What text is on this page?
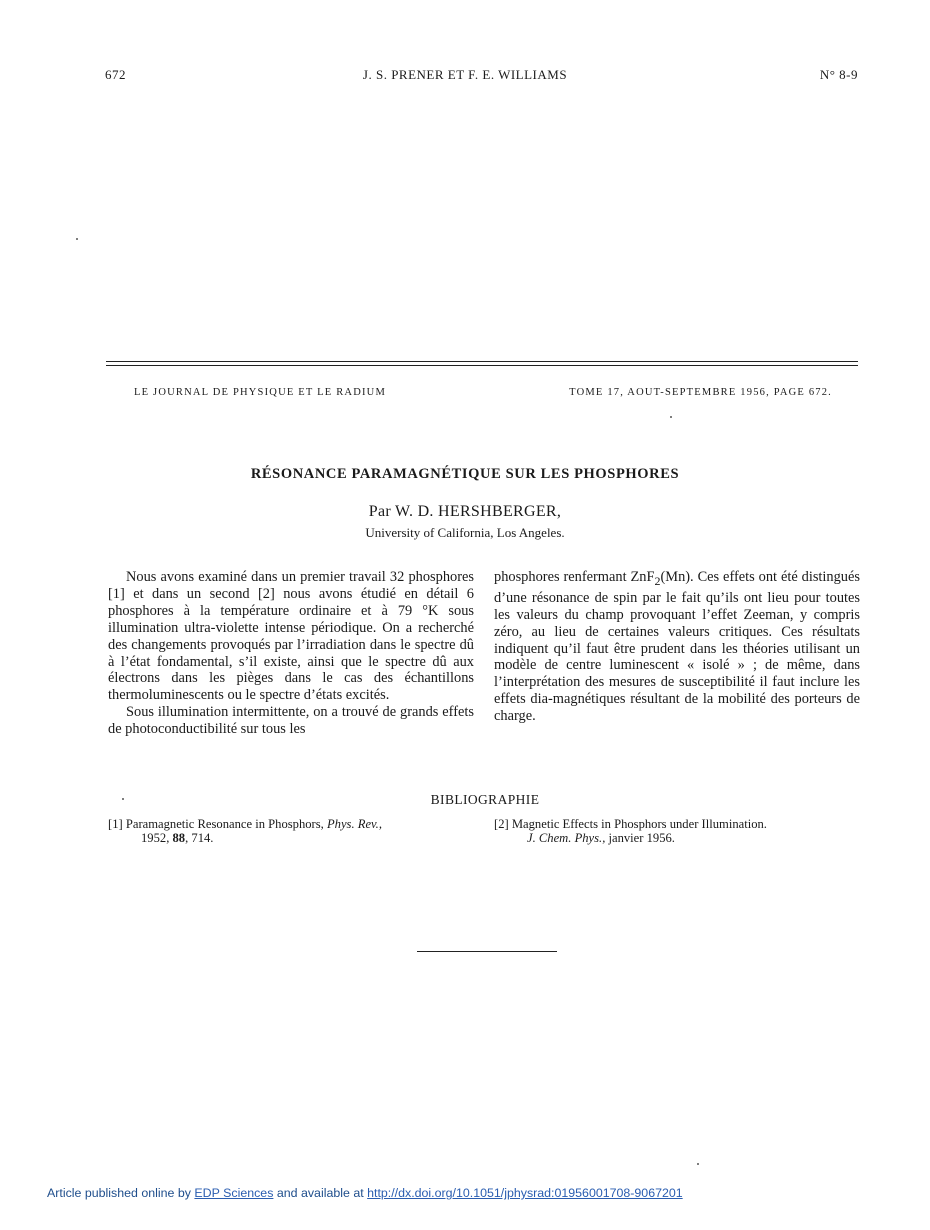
672	J. S. PRENER ET F. E. WILLIAMS	N° 8-9
LE JOURNAL DE PHYSIQUE ET LE RADIUM	TOME 17, AOUT-SEPTEMBRE 1956, PAGE 672.
RÉSONANCE PARAMAGNÉTIQUE SUR LES PHOSPHORES
Par W. D. HERSHBERGER,
University of California, Los Angeles.

Nous avons examiné dans un premier travail 32 phosphores [1] et dans un second [2] nous avons étudié en détail 6 phosphores à la température ordinaire et à 79 °K sous illumination ultra-violette intense périodique. On a recherché des changements provoqués par l’irradiation dans le spectre dû à l’état fondamental, s’il existe, ainsi que le spectre dû aux électrons dans les pièges dans le cas des échantillons thermoluminescents ou le spectre d’états excités.

Sous illumination intermittente, on a trouvé de grands effets de photoconductibilité sur tous les

phosphores renfermant ZnF$_2$(Mn). Ces effets ont été distingués d’une résonance de spin par le fait qu’ils ont lieu pour toutes les valeurs du champ provoquant l’effet Zeeman, y compris zéro, au lieu de certaines valeurs critiques. Ces résultats indiquent qu’il faut être prudent dans les théories utilisant un modèle de centre luminescent « isolé » ; de même, dans l’interprétation des mesures de susceptibilité il faut inclure les effets dia-magnétiques résultant de la mobilité des porteurs de charge.

BIBLIOGRAPHIE
[1] Paramagnetic Resonance in Phosphors, Phys. Rev.,
1952, 88, 714.
[2] Magnetic Effects in Phosphors under Illumination.
J. Chem. Phys., janvier 1956.
Article published online by EDP Sciences and available at http://dx.doi.org/10.1051/jphysrad:01956001708-9067201
